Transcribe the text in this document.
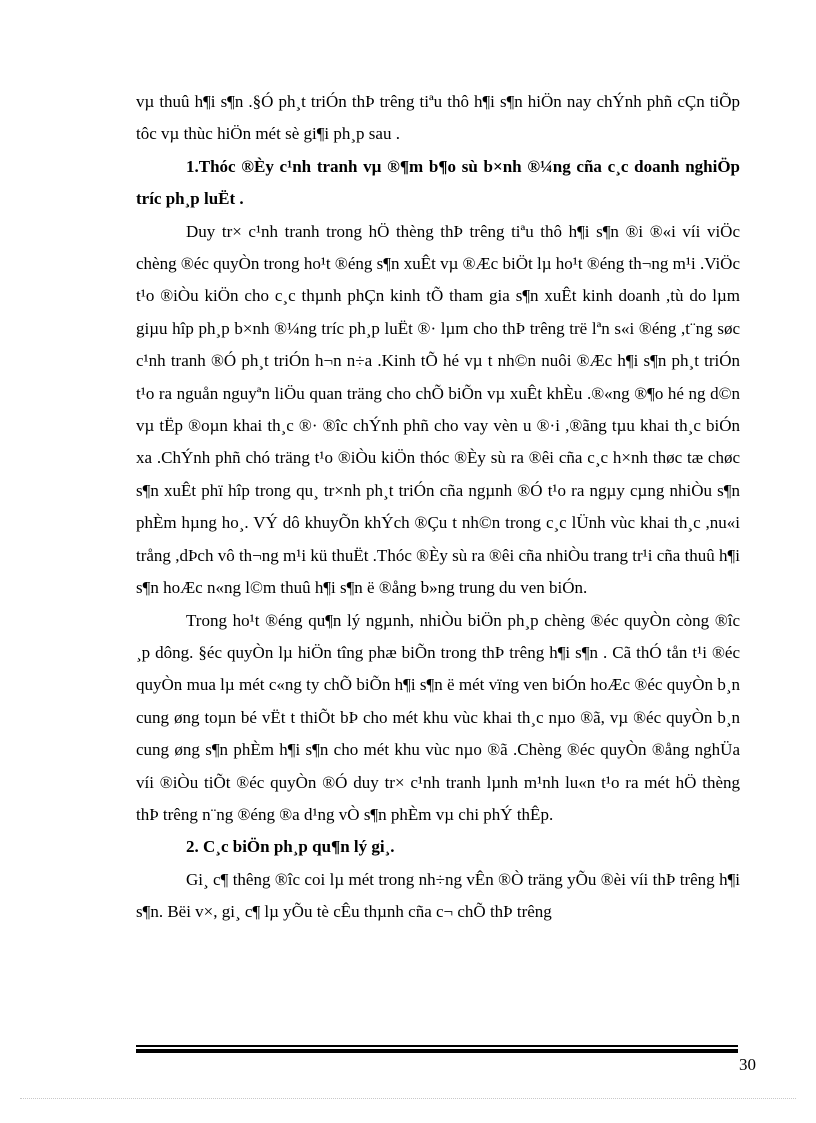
vµ thuû h¶i s¶n .§Ó ph¸t triÓn thÞ trêng tiªu thô h¶i s¶n hiÖn nay chÝnh phñ cÇn tiÕp tôc vµ thùc hiÖn mét sè gi¶i ph¸p sau .

1.Thóc ®Èy c¹nh tranh vµ ®¶m b¶o sù b×nh ®¼ng cña c¸c doanh nghiÖp tríc ph¸p luËt .

Duy tr× c¹nh tranh trong hÖ thèng thÞ trêng tiªu thô h¶i s¶n ®i ®«i víi viÖc chèng ®éc quyÒn trong ho¹t ®éng s¶n xuÊt vµ ®Æc biÖt lµ ho¹t ®éng th¬ng m¹i .ViÖc t¹o ®iÒu kiÖn cho c¸c thµnh phÇn kinh tÕ tham gia s¶n xuÊt kinh doanh ,tù do lµm giµu hîp ph¸p b×nh ®¼ng tríc ph¸p luËt ®· lµm cho thÞ trêng trë lªn s«i ®éng ,t¨ng søc c¹nh tranh ®Ó ph¸t triÓn h¬n n÷a .Kinh tÕ hé vµ t nh©n nuôi ®Æc h¶i s¶n ph¸t triÓn t¹o ra nguån nguyªn liÖu quan träng cho chÕ biÕn vµ xuÊt khÈu .®«ng ®¶o hé ng d©n vµ tËp ®oµn khai th¸c ®· ®îc chÝnh phñ cho vay vèn u ®·i ,®ãng tµu khai th¸c biÓn xa .ChÝnh phñ chó träng t¹o ®iÒu kiÖn thóc ®Èy sù ra ®êi cña c¸c h×nh thøc tæ chøc s¶n xuÊt phï hîp trong qu¸ tr×nh ph¸t triÓn cña ngµnh ®Ó t¹o ra ngµy cµng nhiÒu s¶n phÈm hµng ho¸. VÝ dô khuyÕn khÝch ®Çu t nh©n trong c¸c lÜnh vùc khai th¸c ,nu«i trång ,dÞch vô th¬ng m¹i kü thuËt .Thóc ®Èy sù ra ®êi cña nhiÒu trang tr¹i cña thuû h¶i s¶n hoÆc n«ng l©m thuû h¶i s¶n ë ®ång b»ng trung du ven biÓn.

Trong ho¹t ®éng qu¶n lý ngµnh, nhiÒu biÖn ph¸p chèng ®éc quyÒn còng ®îc ¸p dông. §éc quyÒn lµ hiÖn tîng phæ biÕn trong thÞ trêng h¶i s¶n . Cã thÓ tån t¹i ®éc quyÒn mua lµ mét c«ng ty chÕ biÕn h¶i s¶n ë mét vïng ven biÓn hoÆc ®éc quyÒn b¸n cung øng toµn bé vËt t thiÕt bÞ cho mét khu vùc khai th¸c nµo ®ã, vµ ®éc quyÒn b¸n cung øng s¶n phÈm h¶i s¶n cho mét khu vùc nµo ®ã .Chèng ®éc quyÒn ®ång nghÜa víi ®iÒu tiÕt ®éc quyÒn ®Ó duy tr× c¹nh tranh lµnh m¹nh lu«n t¹o ra mét hÖ thèng thÞ trêng n¨ng ®éng ®a d¹ng vÒ s¶n phÈm vµ chi phÝ thÊp.

2. C¸c biÖn ph¸p qu¶n lý gi¸.

Gi¸ c¶ thêng ®îc coi lµ mét trong nh÷ng vÊn ®Ò träng yÕu ®èi víi thÞ trêng h¶i s¶n. Bëi v×, gi¸ c¶ lµ yÕu tè cÊu thµnh cña c¬ chÕ thÞ trêng

30
